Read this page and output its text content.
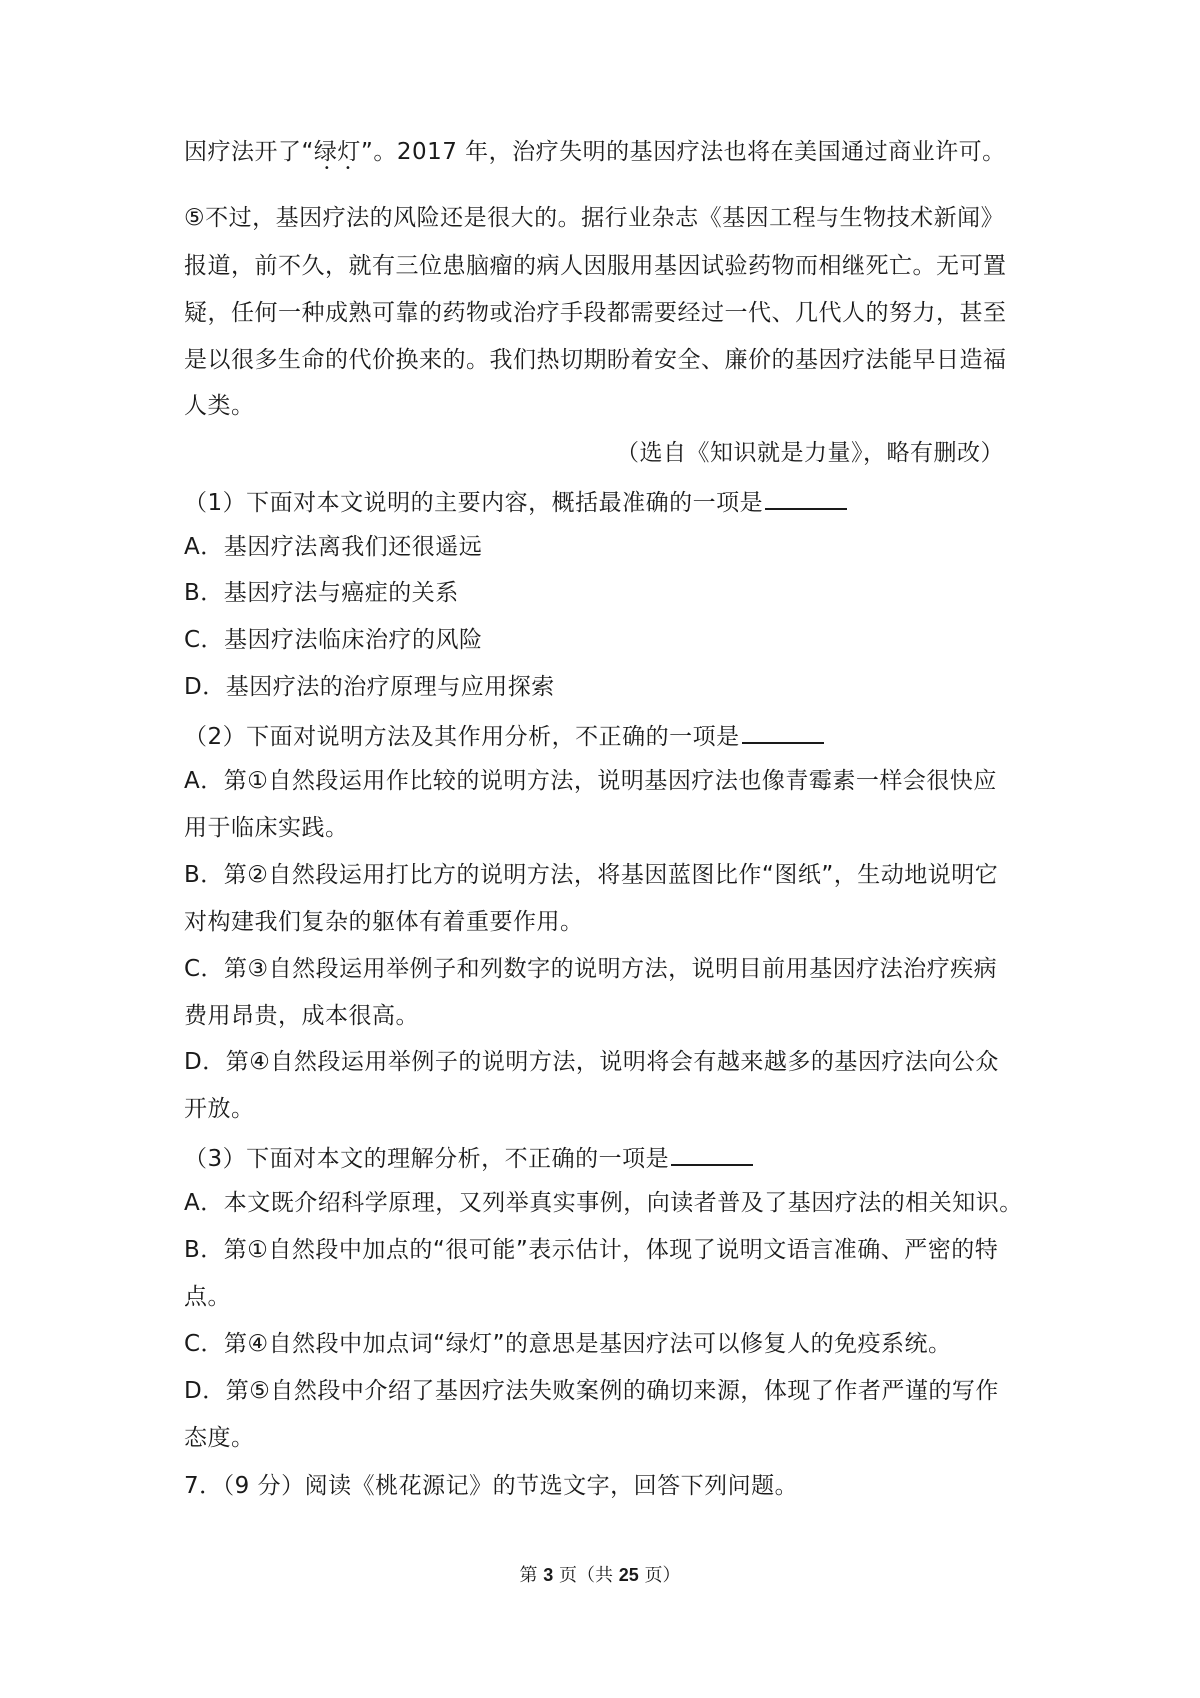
因疗法开了“绿灯 • •”。2017 年，治疗失明的基因疗法也将在美国通过商业许可。
⑤不过，基因疗法的风险还是很大的。据行业杂志《基因工程与生物技术新闻》
报道，前不久，就有三位患脑瘤的病人因服用基因试验药物而相继死亡。无可置
疑，任何一种成熟可靠的药物或治疗手段都需要经过一代、几代人的努力，甚至
是以很多生命的代价换来的。我们热切期盼着安全、廉价的基因疗法能早日造福
人类。
（选自《知识就是力量》，略有删改）
（1）下面对本文说明的主要内容，概括最准确的一项是
A．基因疗法离我们还很遥远
B．基因疗法与癌症的关系
C．基因疗法临床治疗的风险
D．基因疗法的治疗原理与应用探索
（2）下面对说明方法及其作用分析，不正确的一项是
A．第①自然段运用作比较的说明方法，说明基因疗法也像青霉素一样会很快应
用于临床实践。
B．第②自然段运用打比方的说明方法，将基因蓝图比作“图纸”，生动地说明它
对构建我们复杂的躯体有着重要作用。
C．第③自然段运用举例子和列数字的说明方法，说明目前用基因疗法治疗疾病
费用昂贵，成本很高。
D．第④自然段运用举例子的说明方法，说明将会有越来越多的基因疗法向公众
开放。
（3）下面对本文的理解分析，不正确的一项是
A．本文既介绍科学原理，又列举真实事例，向读者普及了基因疗法的相关知识。
B．第①自然段中加点的“很可能”表示估计，体现了说明文语言准确、严密的特
点。
C．第④自然段中加点词“绿灯”的意思是基因疗法可以修复人的免疫系统。
D．第⑤自然段中介绍了基因疗法失败案例的确切来源，体现了作者严谨的写作
态度。
7．（9 分）阅读《桃花源记》的节选文字，回答下列问题。
第 3 页（共 25 页）
